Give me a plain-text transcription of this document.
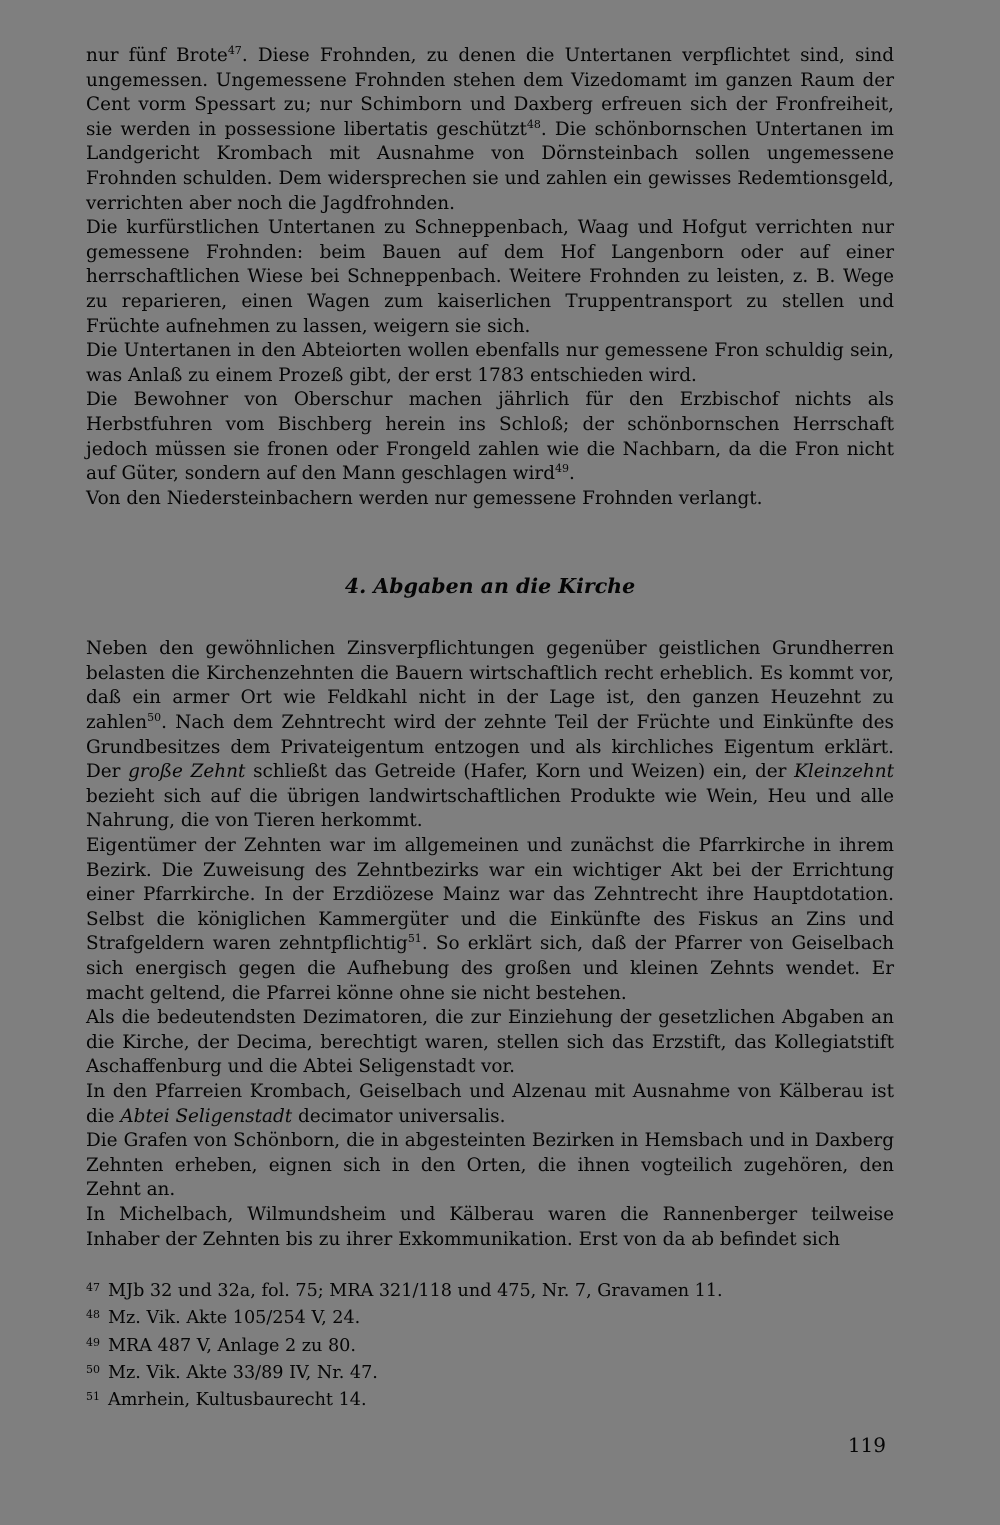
nur fünf Brote$^{47}$. Diese Frohnden, zu denen die Untertanen verpflichtet sind, sind ungemessen. Ungemessene Frohnden stehen dem Vizedomamt im ganzen Raum der Cent vorm Spessart zu; nur Schimborn und Daxberg erfreuen sich der Fronfreiheit, sie werden in possessione libertatis geschützt$^{48}$. Die schönbornschen Untertanen im Landgericht Krombach mit Ausnahme von Dörnsteinbach sollen ungemessene Frohnden schulden. Dem widersprechen sie und zahlen ein gewisses Redemtionsgeld, verrichten aber noch die Jagdfrohnden.

Die kurfürstlichen Untertanen zu Schneppenbach, Waag und Hofgut verrichten nur gemessene Frohnden: beim Bauen auf dem Hof Langenborn oder auf einer herrschaftlichen Wiese bei Schneppenbach. Weitere Frohnden zu leisten, z. B. Wege zu reparieren, einen Wagen zum kaiserlichen Truppentransport zu stellen und Früchte aufnehmen zu lassen, weigern sie sich.

Die Untertanen in den Abteiorten wollen ebenfalls nur gemessene Fron schuldig sein, was Anlaß zu einem Prozeß gibt, der erst 1783 entschieden wird.

Die Bewohner von Oberschur machen jährlich für den Erzbischof nichts als Herbstfuhren vom Bischberg herein ins Schloß; der schönbornschen Herrschaft jedoch müssen sie fronen oder Frongeld zahlen wie die Nachbarn, da die Fron nicht auf Güter, sondern auf den Mann geschlagen wird$^{49}$.

Von den Niedersteinbachern werden nur gemessene Frohnden verlangt.

4. Abgaben an die Kirche

Neben den gewöhnlichen Zinsverpflichtungen gegenüber geistlichen Grundherren belasten die Kirchenzehnten die Bauern wirtschaftlich recht erheblich. Es kommt vor, daß ein armer Ort wie Feldkahl nicht in der Lage ist, den ganzen Heuzehnt zu zahlen$^{50}$. Nach dem Zehntrecht wird der zehnte Teil der Früchte und Einkünfte des Grundbesitzes dem Privateigentum entzogen und als kirchliches Eigentum erklärt. Der große Zehnt schließt das Getreide (Hafer, Korn und Weizen) ein, der Kleinzehnt bezieht sich auf die übrigen landwirtschaftlichen Produkte wie Wein, Heu und alle Nahrung, die von Tieren herkommt.

Eigentümer der Zehnten war im allgemeinen und zunächst die Pfarrkirche in ihrem Bezirk. Die Zuweisung des Zehntbezirks war ein wichtiger Akt bei der Errichtung einer Pfarrkirche. In der Erzdiözese Mainz war das Zehntrecht ihre Hauptdotation. Selbst die königlichen Kammergüter und die Einkünfte des Fiskus an Zins und Strafgeldern waren zehntpflichtig$^{51}$. So erklärt sich, daß der Pfarrer von Geiselbach sich energisch gegen die Aufhebung des großen und kleinen Zehnts wendet. Er macht geltend, die Pfarrei könne ohne sie nicht bestehen.

Als die bedeutendsten Dezimatoren, die zur Einziehung der gesetzlichen Abgaben an die Kirche, der Decima, berechtigt waren, stellen sich das Erzstift, das Kollegiatstift Aschaffenburg und die Abtei Seligenstadt vor.

In den Pfarreien Krombach, Geiselbach und Alzenau mit Ausnahme von Kälberau ist die Abtei Seligenstadt decimator universalis.

Die Grafen von Schönborn, die in abgesteinten Bezirken in Hemsbach und in Daxberg Zehnten erheben, eignen sich in den Orten, die ihnen vogteilich zugehören, den Zehnt an.

In Michelbach, Wilmundsheim und Kälberau waren die Rannenberger teilweise Inhaber der Zehnten bis zu ihrer Exkommunikation. Erst von da ab befindet sich

47 MJb 32 und 32a, fol. 75; MRA 321/118 und 475, Nr. 7, Gravamen 11.

48 Mz. Vik. Akte 105/254 V, 24.

49 MRA 487 V, Anlage 2 zu 80.

50 Mz. Vik. Akte 33/89 IV, Nr. 47.

51 Amrhein, Kultusbaurecht 14.

119
